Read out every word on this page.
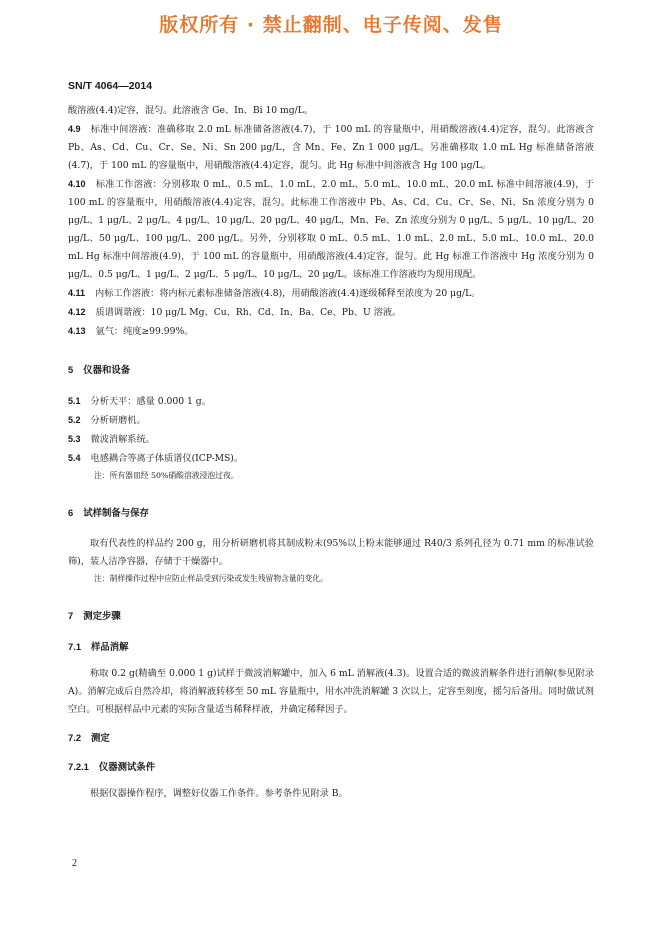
版权所有 · 禁止翻制、电子传阅、发售
SN/T 4064—2014

酸溶液(4.4)定容，混匀。此溶液含 Ge、In、Bi 10 mg/L。

4.9 标准中间溶液：准确移取 2.0 mL 标准储备溶液(4.7)，于 100 mL 的容量瓶中，用硝酸溶液(4.4)定容，混匀。此溶液含 Pb、As、Cd、Cu、Cr、Se、Ni、Sn 200 μg/L，含 Mn、Fe、Zn 1 000 μg/L。另准确移取 1.0 mL Hg 标准储备溶液(4.7)，于 100 mL 的容量瓶中，用硝酸溶液(4.4)定容，混匀。此 Hg 标准中间溶液含 Hg 100 μg/L。

4.10 标准工作溶液：分别移取 0 mL、0.5 mL、1.0 mL、2.0 mL、5.0 mL、10.0 mL、20.0 mL 标准中间溶液(4.9)，于 100 mL 的容量瓶中，用硝酸溶液(4.4)定容，混匀。此标准工作溶液中 Pb、As、Cd、Cu、Cr、Se、Ni、Sn 浓度分别为 0 μg/L、1 μg/L、2 μg/L、4 μg/L、10 μg/L、20 μg/L、40 μg/L，Mn、Fe、Zn 浓度分别为 0 μg/L、5 μg/L、10 μg/L、20 μg/L、50 μg/L、100 μg/L、200 μg/L。另外，分别移取 0 mL、0.5 mL、1.0 mL、2.0 mL、5.0 mL、10.0 mL、20.0 mL Hg 标准中间溶液(4.9)，于 100 mL 的容量瓶中，用硝酸溶液(4.4)定容，混匀。此 Hg 标准工作溶液中 Hg 浓度分别为 0 μg/L、0.5 μg/L、1 μg/L、2 μg/L、5 μg/L、10 μg/L、20 μg/L。该标准工作溶液均为现用现配。

4.11 内标工作溶液：将内标元素标准储备溶液(4.8)，用硝酸溶液(4.4)逐级稀释至浓度为 20 μg/L。

4.12 质谱调谐液：10 μg/L Mg、Cu、Rh、Cd、In、Ba、Ce、Pb、U 溶液。

4.13 氩气：纯度≥99.99%。

5 仪器和设备

5.1 分析天平：感量 0.000 1 g。

5.2 分析研磨机。

5.3 微波消解系统。

5.4 电感耦合等离子体质谱仪(ICP-MS)。

注：所有器皿经 50%硝酸溶液浸泡过夜。
6 试样制备与保存

取有代表性的样品约 200 g，用分析研磨机将其制成粉末(95%以上粉末能够通过 R40/3 系列孔径为 0.71 mm 的标准试验筛)，装人洁净容器，存储于干燥器中。

注：制样操作过程中应防止样品受到污染或发生残留物含量的变化。
7 测定步骤
7.1 样品消解

称取 0.2 g(精确至 0.000 1 g)试样于微波消解罐中，加入 6 mL 消解液(4.3)。设置合适的微波消解条件进行消解(参见附录 A)。消解完成后自然冷却，将消解液转移至 50 mL 容量瓶中，用水冲洗消解罐 3 次以上，定容至刻度，摇匀后备用。同时做试剂空白。可根据样品中元素的实际含量适当稀释样液，并确定稀释因子。

7.2 测定
7.2.1 仪器测试条件

根据仪器操作程序，调整好仪器工作条件。参考条件见附录 B。

2
